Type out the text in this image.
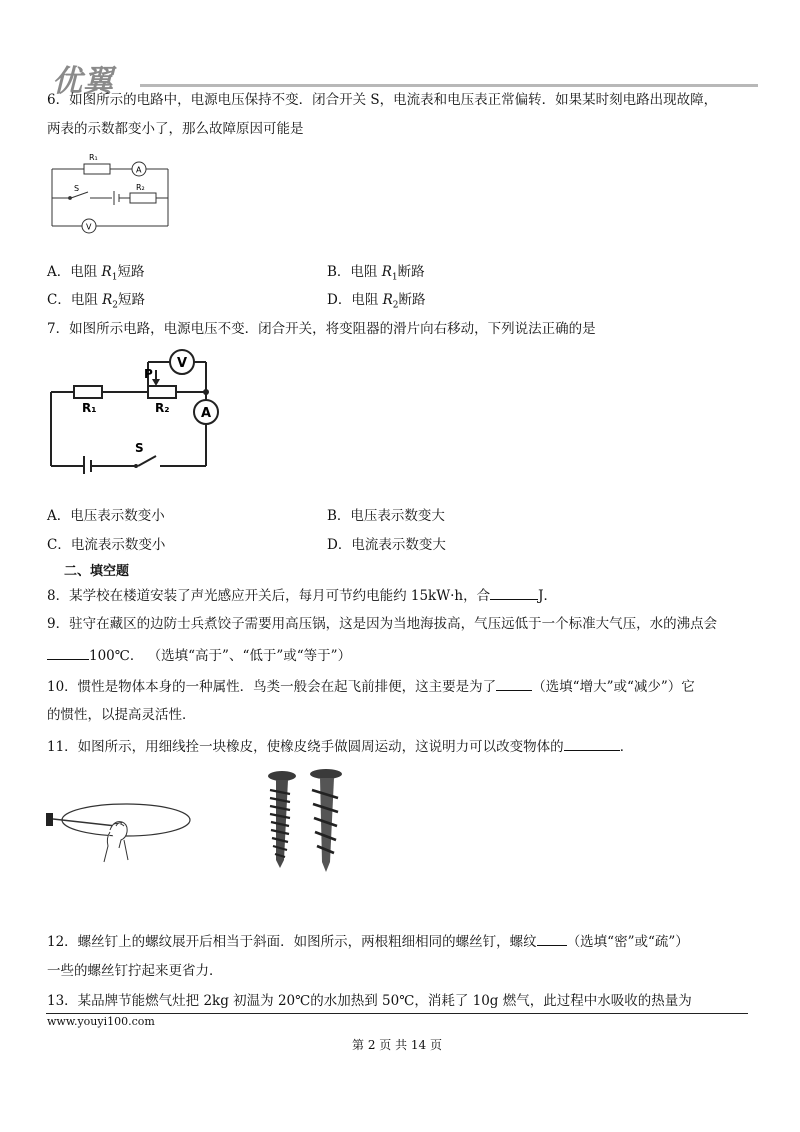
优翼
6．如图所示的电路中，电源电压保持不变．闭合开关 S，电流表和电压表正常偏转．如果某时刻电路出现故障，
两表的示数都变小了，那么故障原因可能是
R₁
A
S	R₂
V
A．电阻 $R_1$短路	B．电阻 $R_1$断路
C．电阻 $R_2$短路	D．电阻 $R_2$断路
7．如图所示电路，电源电压不变．闭合开关，将变阻器的滑片向右移动，下列说法正确的是
P
R₁	R₂
V
A
S
A．电压表示数变小	B．电压表示数变大
C．电流表示数变小	D．电流表示数变大
二、填空题
8．某学校在楼道安装了声光感应开关后，每月可节约电能约 15kW·h，合	J．
9．驻守在藏区的边防士兵煮饺子需要用高压锅，这是因为当地海拔高，气压远低于一个标准大气压，水的沸点会
100℃． （选填“高于”、“低于”或“等于”）
10．惯性是物体本身的一种属性．鸟类一般会在起飞前排便，这主要是为了	（选填“增大”或“减少”）它
的惯性，以提高灵活性．
11．如图所示，用细线拴一块橡皮，使橡皮绕手做圆周运动，这说明力可以改变物体的	．
12．螺丝钉上的螺纹展开后相当于斜面．如图所示，两根粗细相同的螺丝钉，螺纹 （选填“密”或“疏”）
一些的螺丝钉拧起来更省力．
13．某品牌节能燃气灶把 2kg 初温为 20℃的水加热到 50℃，消耗了 10g 燃气，此过程中水吸收的热量为
www.youyi100.com
第 2 页 共 14 页
